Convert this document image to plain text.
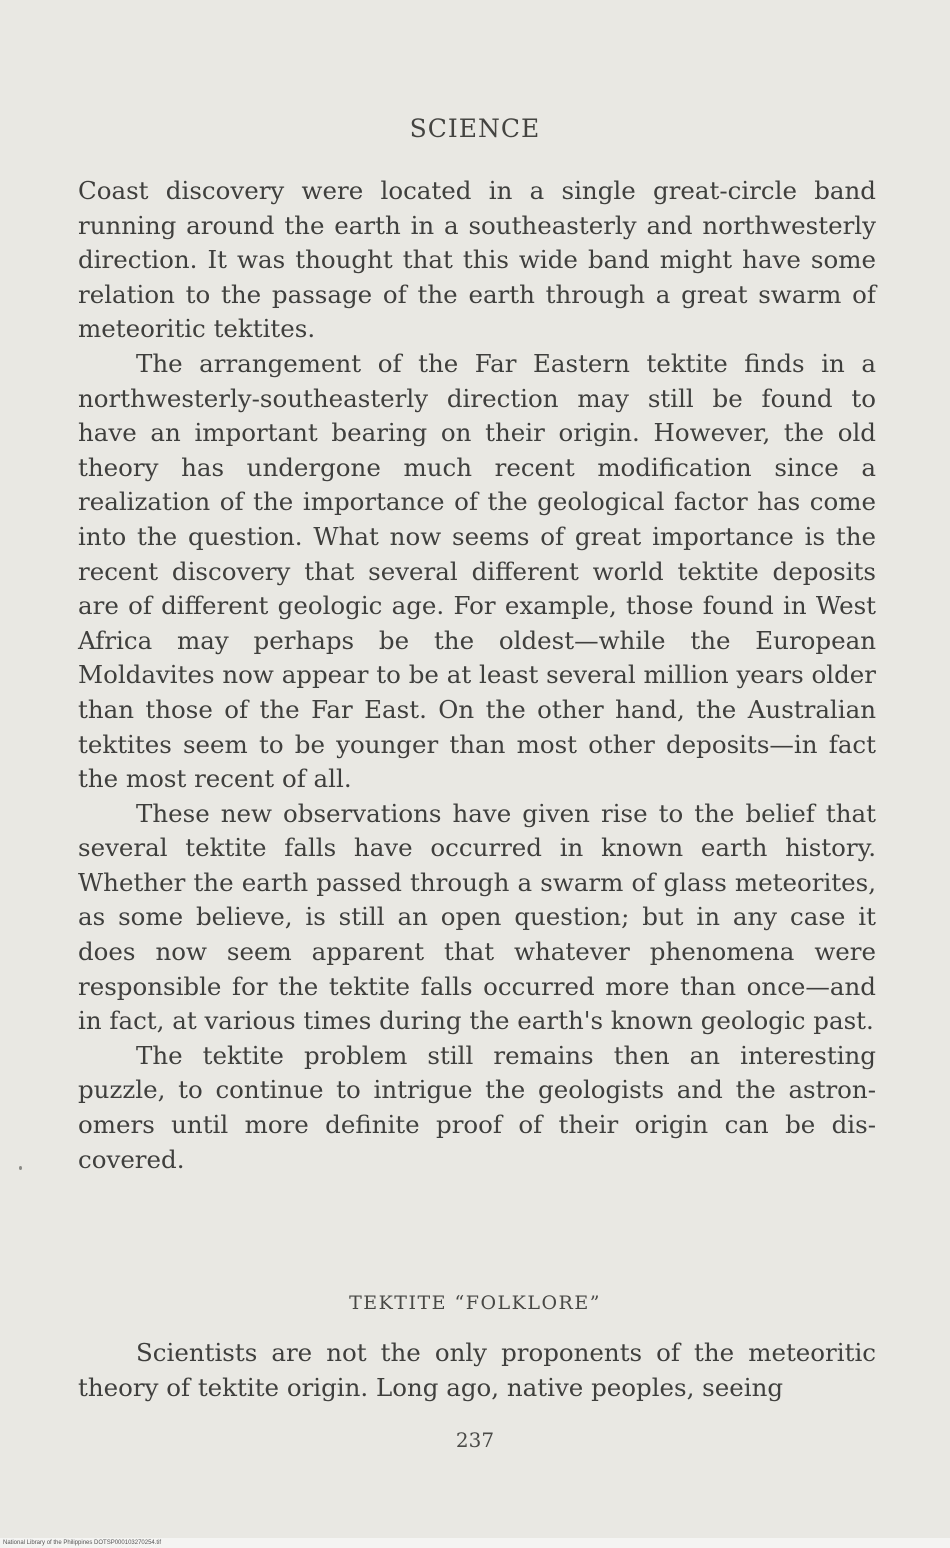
SCIENCE

Coast discovery were located in a single great-circle band running around the earth in a southeasterly and northwesterly direction. It was thought that this wide band might have some relation to the passage of the earth through a great swarm of meteoritic tektites.

The arrangement of the Far Eastern tektite finds in a northwesterly-southeasterly direction may still be found to have an important bearing on their origin. However, the old theory has undergone much recent modification since a realization of the importance of the geological factor has come into the question. What now seems of great importance is the recent discovery that several different world tektite deposits are of different geologic age. For example, those found in West Africa may perhaps be the oldest—while the European Moldavites now appear to be at least several million years older than those of the Far East. On the other hand, the Australian tektites seem to be younger than most other deposits—in fact the most recent of all.

These new observations have given rise to the belief that several tektite falls have occurred in known earth history. Whether the earth passed through a swarm of glass meteorites, as some believe, is still an open question; but in any case it does now seem apparent that whatever phenomena were responsible for the tektite falls occurred more than once—and in fact, at various times during the earth's known geologic past.

The tektite problem still remains then an interesting puzzle, to continue to intrigue the geologists and the astronomers until more definite proof of their origin can be discovered.

TEKTITE “FOLKLORE”

Scientists are not the only proponents of the meteoritic theory of tektite origin. Long ago, native peoples, seeing

237
National Library of the Philippines DOTSP000103270254.tif
